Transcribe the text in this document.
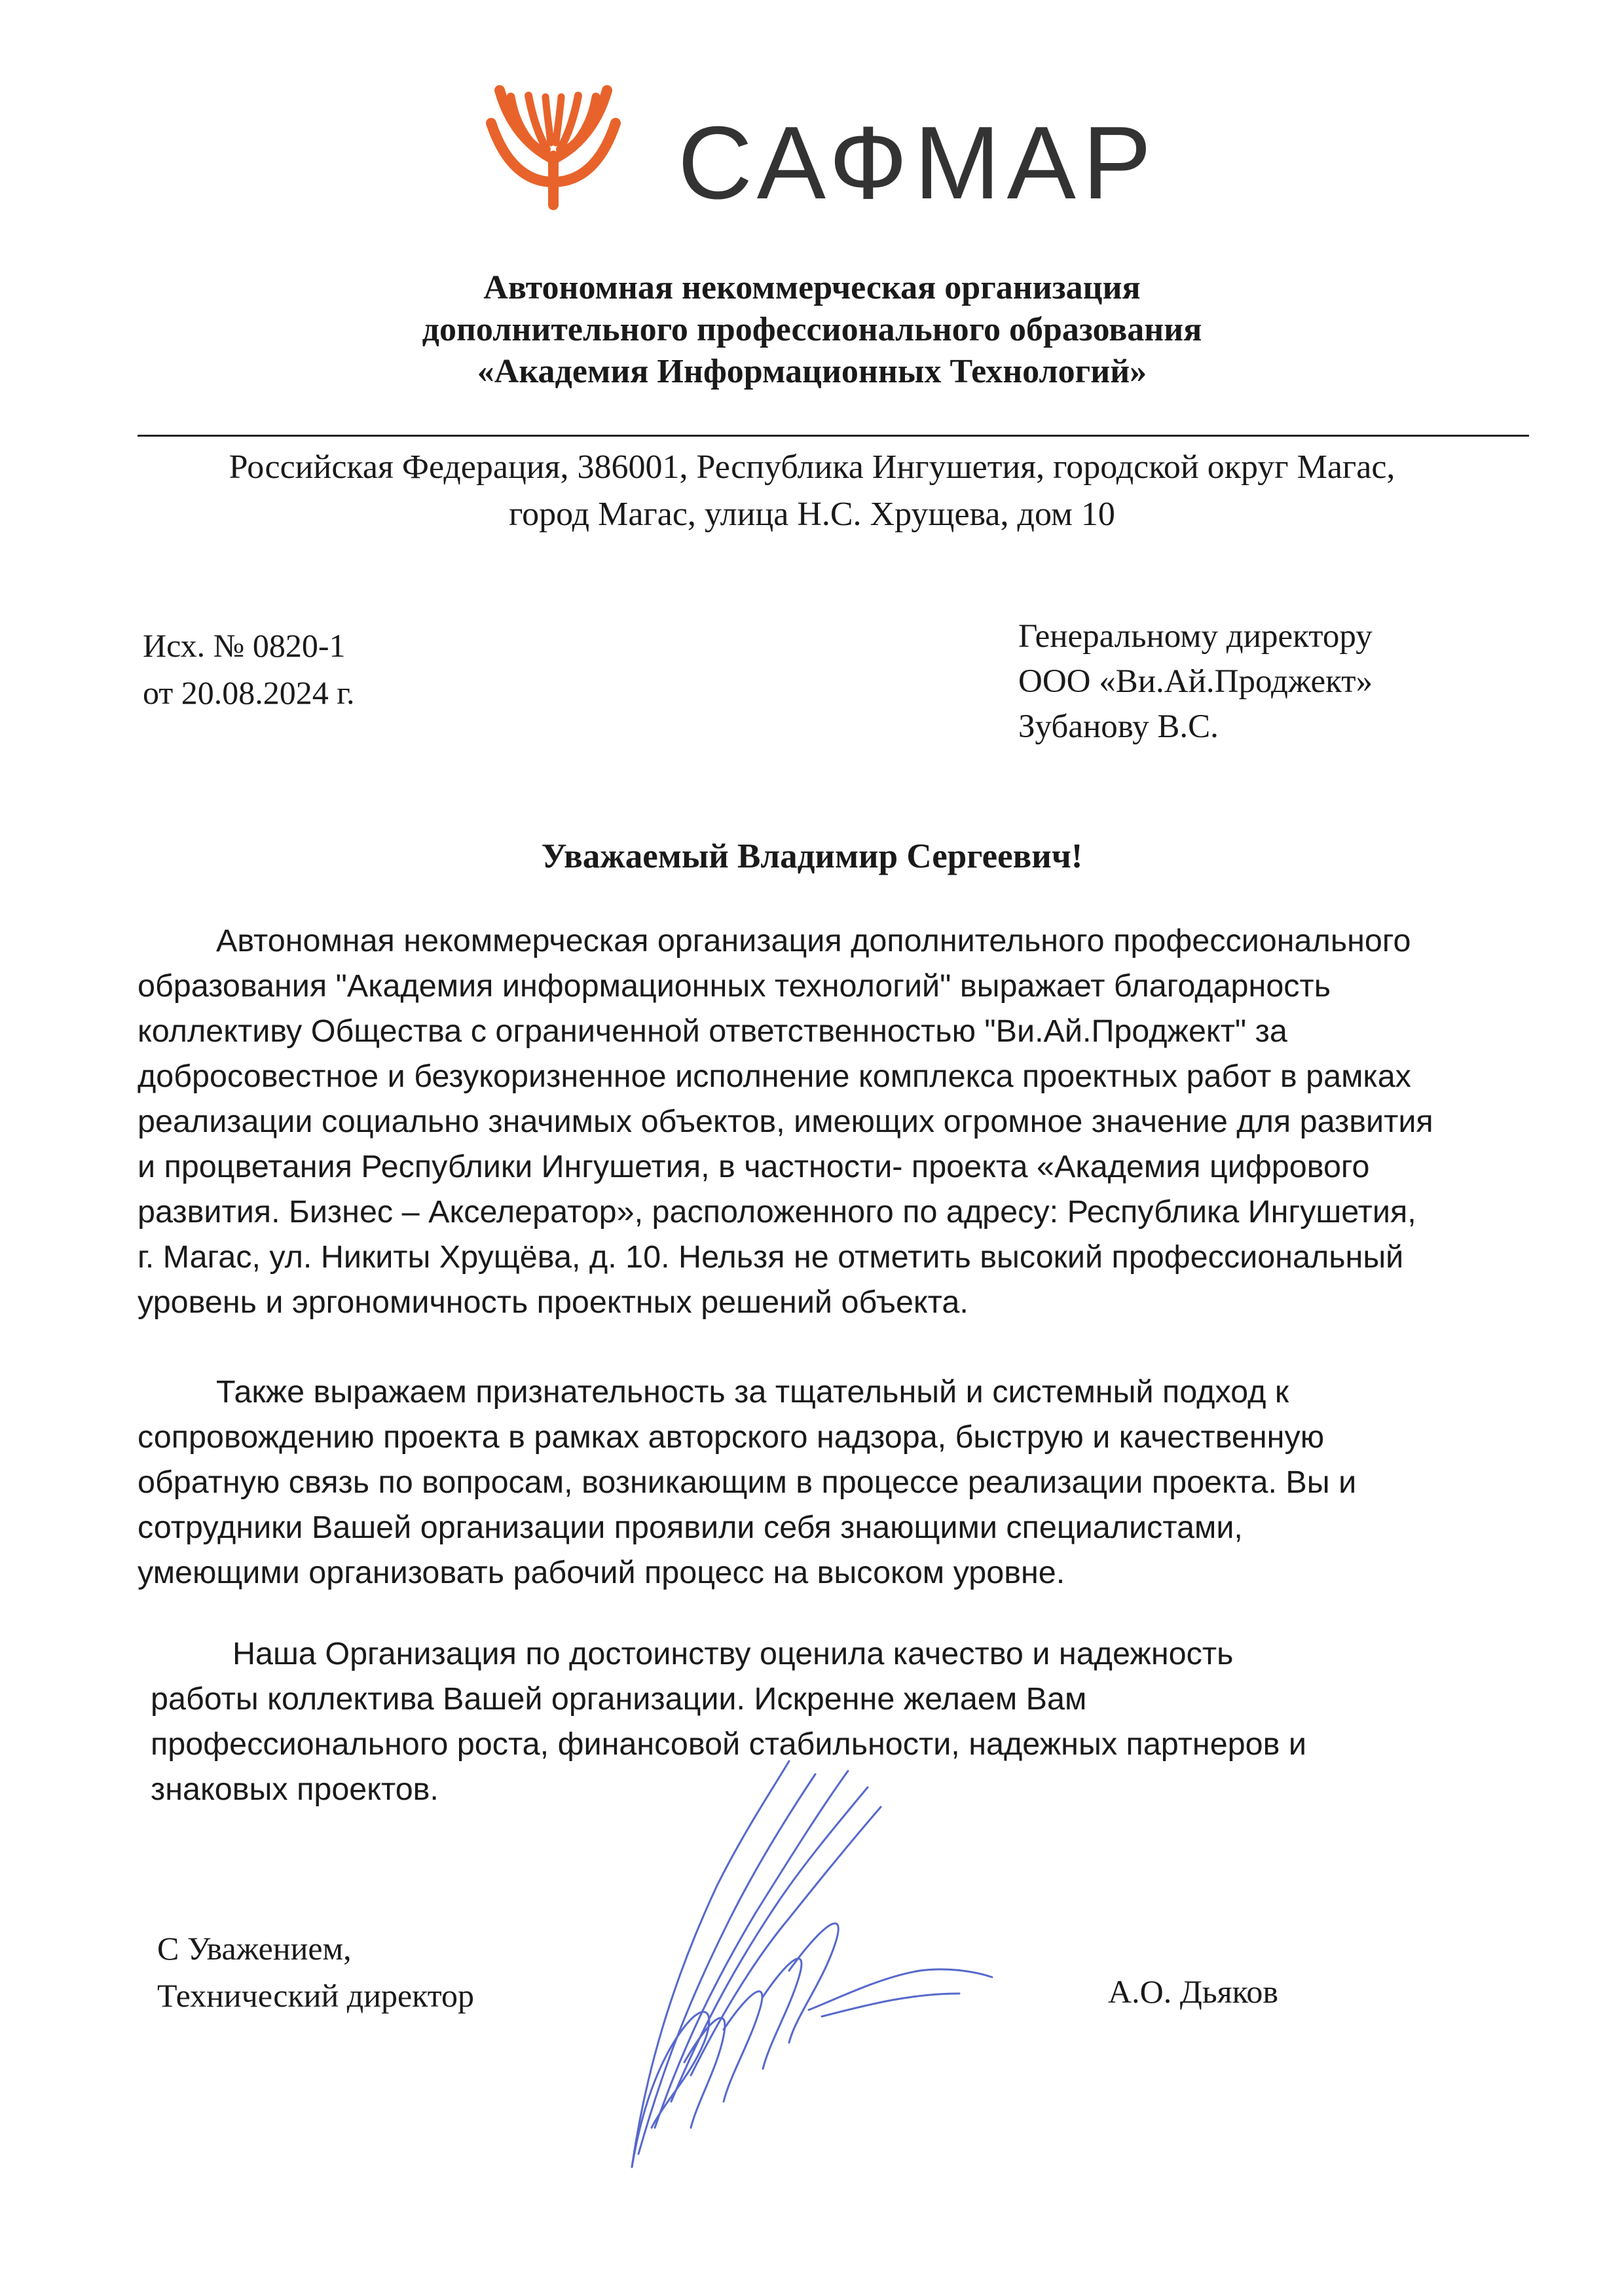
САФМАР
Автономная некоммерческая организация
дополнительного профессионального образования
«Академия Информационных Технологий»
Российская Федерация, 386001, Республика Ингушетия, городской округ Магас,
город Магас, улица Н.С. Хрущева, дом 10
Исх. № 0820-1
от 20.08.2024 г.
Генеральному директору
ООО «Ви.Ай.Проджект»
Зубанову В.С.
Уважаемый Владимир Сергеевич!
Автономная некоммерческая организация дополнительного профессионального
образования "Академия информационных технологий" выражает благодарность
коллективу Общества с ограниченной ответственностью "Ви.Ай.Проджект" за
добросовестное и безукоризненное исполнение комплекса проектных работ в рамках
реализации социально значимых объектов, имеющих огромное значение для развития
и процветания Республики Ингушетия, в частности- проекта «Академия цифрового
развития. Бизнес – Акселератор», расположенного по адресу: Республика Ингушетия,
г. Магас, ул. Никиты Хрущёва, д. 10. Нельзя не отметить высокий профессиональный
уровень и эргономичность проектных решений объекта.
Также выражаем признательность за тщательный и системный подход к
сопровождению проекта в рамках авторского надзора, быструю и качественную
обратную связь по вопросам, возникающим в процессе реализации проекта. Вы и
сотрудники Вашей организации проявили себя знающими специалистами,
умеющими организовать рабочий процесс на высоком уровне.
Наша Организация по достоинству оценила качество и надежность
работы коллектива Вашей организации. Искренне желаем Вам
профессионального роста, финансовой стабильности, надежных партнеров и
знаковых проектов.
С Уважением,
Технический директор	А.О. Дьяков
